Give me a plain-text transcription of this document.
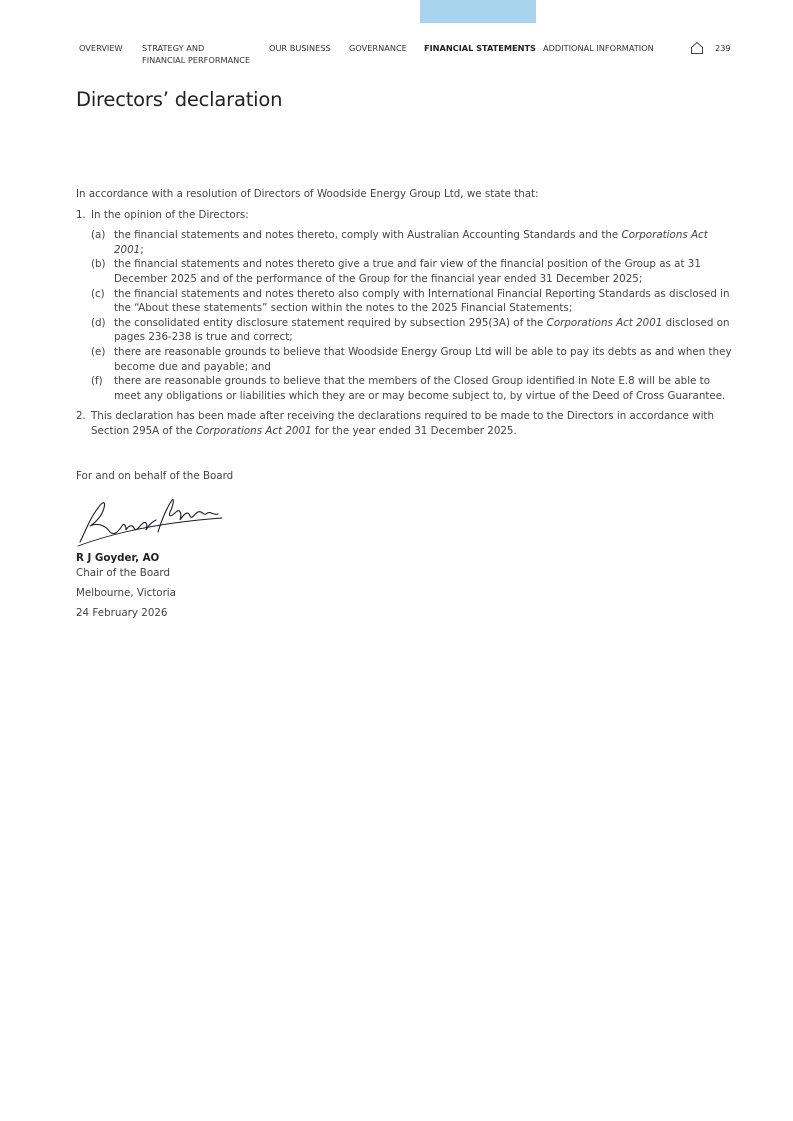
OVERVIEW STRATEGY AND
FINANCIAL PERFORMANCE
OUR BUSINESS GOVERNANCE FINANCIAL STATEMENTS ADDITIONAL INFORMATION	239
Directors’ declaration

In accordance with a resolution of Directors of Woodside Energy Group Ltd, we state that:

1. In the opinion of the Directors:
(a) the financial statements and notes thereto, comply with Australian Accounting Standards and the Corporations Act 2001;
(b) the financial statements and notes thereto give a true and fair view of the financial position of the Group as at 31 December 2025 and of the performance of the Group for the financial year ended 31 December 2025;
(c) the financial statements and notes thereto also comply with International Financial Reporting Standards as disclosed in the “About these statements” section within the notes to the 2025 Financial Statements;
(d) the consolidated entity disclosure statement required by subsection 295(3A) of the Corporations Act 2001 disclosed on pages 236-238 is true and correct;
(e) there are reasonable grounds to believe that Woodside Energy Group Ltd will be able to pay its debts as and when they become due and payable; and
(f) there are reasonable grounds to believe that the members of the Closed Group identified in Note E.8 will be able to meet any obligations or liabilities which they are or may become subject to, by virtue of the Deed of Cross Guarantee.
2. This declaration has been made after receiving the declarations required to be made to the Directors in accordance with Section 295A of the Corporations Act 2001 for the year ended 31 December 2025.

For and on behalf of the Board

R J Goyder, AO
Chair of the Board
Melbourne, Victoria
24 February 2026
